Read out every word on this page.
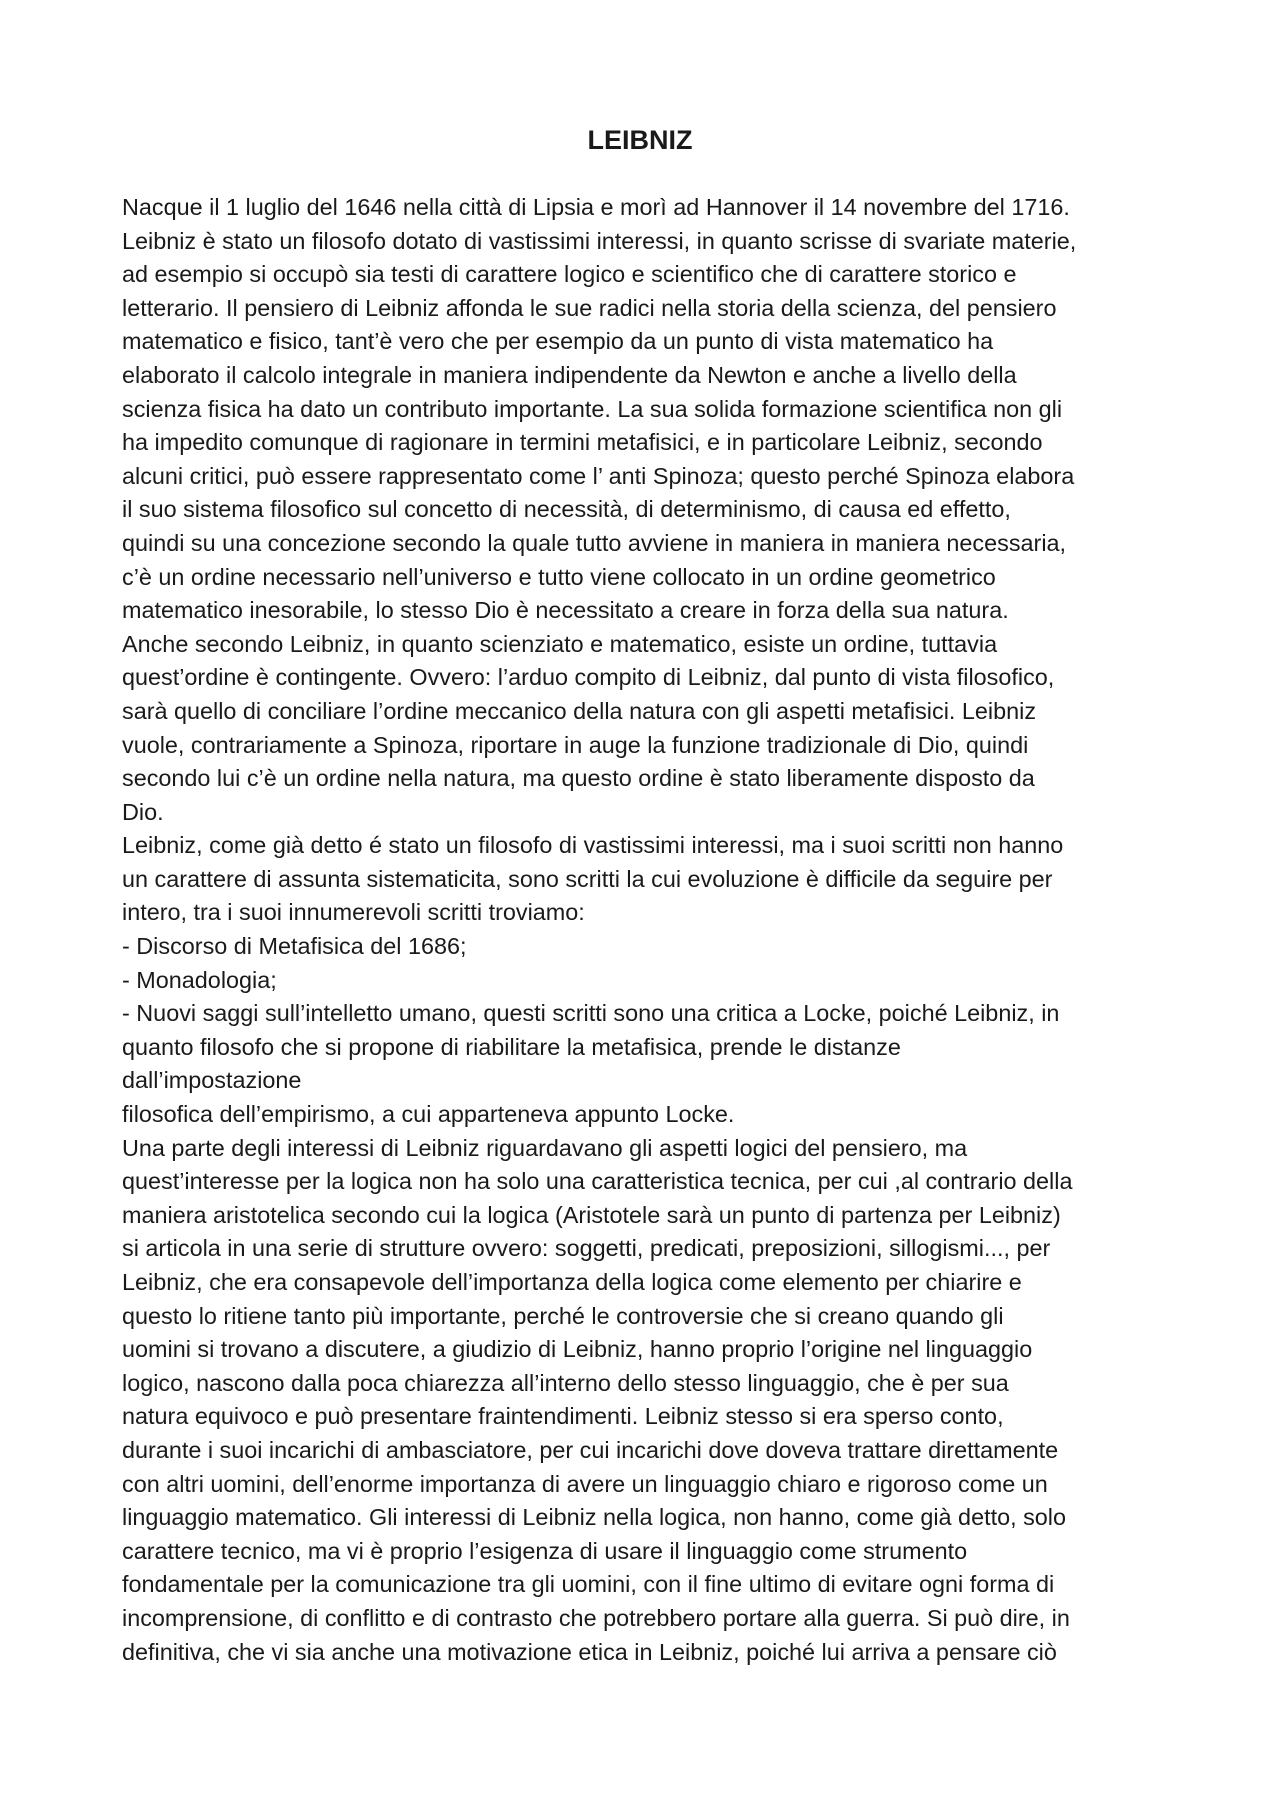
LEIBNIZ
Nacque il 1 luglio del 1646 nella città di Lipsia e morì ad Hannover il 14 novembre del 1716.
Leibniz è stato un filosofo dotato di vastissimi interessi, in quanto scrisse di svariate materie,
ad esempio si occupò sia testi di carattere logico e scientifico che di carattere storico e
letterario. Il pensiero di Leibniz affonda le sue radici nella storia della scienza, del pensiero
matematico e fisico, tant’è vero che per esempio da un punto di vista matematico ha
elaborato il calcolo integrale in maniera indipendente da Newton e anche a livello della
scienza fisica ha dato un contributo importante. La sua solida formazione scientifica non gli
ha impedito comunque di ragionare in termini metafisici, e in particolare Leibniz, secondo
alcuni critici, può essere rappresentato come l’ anti Spinoza; questo perché Spinoza elabora
il suo sistema filosofico sul concetto di necessità, di determinismo, di causa ed effetto,
quindi su una concezione secondo la quale tutto avviene in maniera in maniera necessaria,
c’è un ordine necessario nell’universo e tutto viene collocato in un ordine geometrico
matematico inesorabile, lo stesso Dio è necessitato a creare in forza della sua natura.
Anche secondo Leibniz, in quanto scienziato e matematico, esiste un ordine, tuttavia
quest’ordine è contingente. Ovvero: l’arduo compito di Leibniz, dal punto di vista filosofico,
sarà quello di conciliare l’ordine meccanico della natura con gli aspetti metafisici. Leibniz
vuole, contrariamente a Spinoza, riportare in auge la funzione tradizionale di Dio, quindi
secondo lui c’è un ordine nella natura, ma questo ordine è stato liberamente disposto da
Dio.
Leibniz, come già detto é stato un filosofo di vastissimi interessi, ma i suoi scritti non hanno
un carattere di assunta sistematicita, sono scritti la cui evoluzione è difficile da seguire per
intero, tra i suoi innumerevoli scritti troviamo:
- Discorso di Metafisica del 1686;
- Monadologia;
- Nuovi saggi sull’intelletto umano, questi scritti sono una critica a Locke, poiché Leibniz, in
quanto filosofo che si propone di riabilitare la metafisica, prende le distanze
dall’impostazione
filosofica dell’empirismo, a cui apparteneva appunto Locke.
Una parte degli interessi di Leibniz riguardavano gli aspetti logici del pensiero, ma
quest’interesse per la logica non ha solo una caratteristica tecnica, per cui ,al contrario della
maniera aristotelica secondo cui la logica (Aristotele sarà un punto di partenza per Leibniz)
si articola in una serie di strutture ovvero: soggetti, predicati, preposizioni, sillogismi..., per
Leibniz, che era consapevole dell’importanza della logica come elemento per chiarire e
questo lo ritiene tanto più importante, perché le controversie che si creano quando gli
uomini si trovano a discutere, a giudizio di Leibniz, hanno proprio l’origine nel linguaggio
logico, nascono dalla poca chiarezza all’interno dello stesso linguaggio, che è per sua
natura equivoco e può presentare fraintendimenti. Leibniz stesso si era sperso conto,
durante i suoi incarichi di ambasciatore, per cui incarichi dove doveva trattare direttamente
con altri uomini, dell’enorme importanza di avere un linguaggio chiaro e rigoroso come un
linguaggio matematico. Gli interessi di Leibniz nella logica, non hanno, come già detto, solo
carattere tecnico, ma vi è proprio l’esigenza di usare il linguaggio come strumento
fondamentale per la comunicazione tra gli uomini, con il fine ultimo di evitare ogni forma di
incomprensione, di conflitto e di contrasto che potrebbero portare alla guerra. Si può dire, in
definitiva, che vi sia anche una motivazione etica in Leibniz, poiché lui arriva a pensare ciò
